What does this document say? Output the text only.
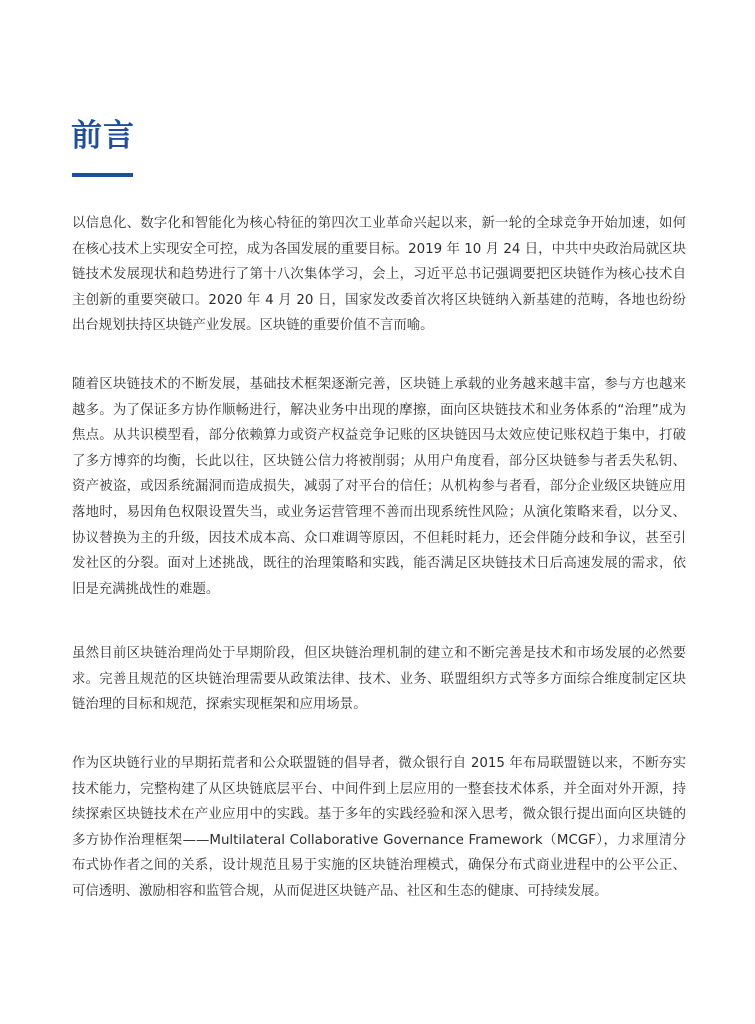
前言

以信息化、数字化和智能化为核心特征的第四次工业革命兴起以来，新一轮的全球竞争开始加速，如何在核心技术上实现安全可控，成为各国发展的重要目标。2019 年 10 月 24 日，中共中央政治局就区块链技术发展现状和趋势进行了第十八次集体学习，会上，习近平总书记强调要把区块链作为核心技术自主创新的重要突破口。2020 年 4 月 20 日，国家发改委首次将区块链纳入新基建的范畴，各地也纷纷出台规划扶持区块链产业发展。区块链的重要价值不言而喻。

随着区块链技术的不断发展，基础技术框架逐渐完善，区块链上承载的业务越来越丰富，参与方也越来越多。为了保证多方协作顺畅进行，解决业务中出现的摩擦，面向区块链技术和业务体系的“治理”成为焦点。从共识模型看，部分依赖算力或资产权益竞争记账的区块链因马太效应使记账权趋于集中，打破了多方博弈的均衡，长此以往，区块链公信力将被削弱；从用户角度看，部分区块链参与者丢失私钥、资产被盗，或因系统漏洞而造成损失，减弱了对平台的信任；从机构参与者看，部分企业级区块链应用落地时，易因角色权限设置失当，或业务运营管理不善而出现系统性风险；从演化策略来看，以分叉、协议替换为主的升级，因技术成本高、众口难调等原因，不但耗时耗力，还会伴随分歧和争议，甚至引发社区的分裂。面对上述挑战，既往的治理策略和实践，能否满足区块链技术日后高速发展的需求，依旧是充满挑战性的难题。

虽然目前区块链治理尚处于早期阶段，但区块链治理机制的建立和不断完善是技术和市场发展的必然要求。完善且规范的区块链治理需要从政策法律、技术、业务、联盟组织方式等多方面综合维度制定区块链治理的目标和规范，探索实现框架和应用场景。

作为区块链行业的早期拓荒者和公众联盟链的倡导者，微众银行自 2015 年布局联盟链以来，不断夯实技术能力，完整构建了从区块链底层平台、中间件到上层应用的一整套技术体系，并全面对外开源，持续探索区块链技术在产业应用中的实践。基于多年的实践经验和深入思考，微众银行提出面向区块链的多方协作治理框架——Multilateral Collaborative Governance Framework（MCGF），力求厘清分布式协作者之间的关系，设计规范且易于实施的区块链治理模式，确保分布式商业进程中的公平公正、可信透明、激励相容和监管合规，从而促进区块链产品、社区和生态的健康、可持续发展。
